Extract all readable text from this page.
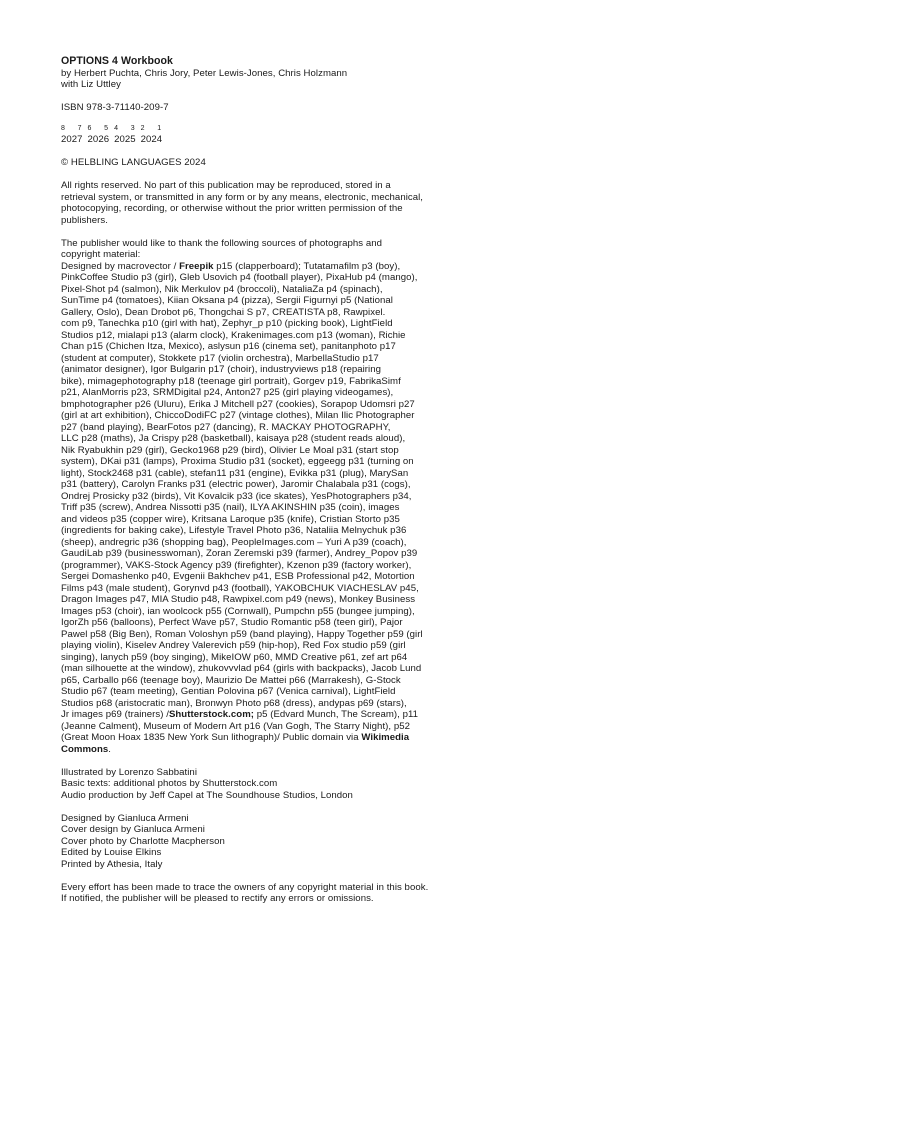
OPTIONS 4 Workbook
by Herbert Puchta, Chris Jory, Peter Lewis-Jones, Chris Holzmann
with Liz Uttley
ISBN 978-3-71140-209-7
8 7
2027
6 5
2026
4 3
2025
2 1
2024
© HELBLING LANGUAGES 2024
All rights reserved. No part of this publication may be reproduced, stored in a
retrieval system, or transmitted in any form or by any means, electronic, mechanical,
photocopying, recording, or otherwise without the prior written permission of the
publishers.
The publisher would like to thank the following sources of photographs and
copyright material:
Designed by macrovector / Freepik p15 (clapperboard); Tutatamafilm p3 (boy),
PinkCoffee Studio p3 (girl), Gleb Usovich p4 (football player), PixaHub p4 (mango),
Pixel-Shot p4 (salmon), Nik Merkulov p4 (broccoli), NataliaZa p4 (spinach),
SunTime p4 (tomatoes), Kiian Oksana p4 (pizza), Sergii Figurnyi p5 (National
Gallery, Oslo), Dean Drobot p6, Thongchai S p7, CREATISTA p8, Rawpixel.
com p9, Tanechka p10 (girl with hat), Zephyr_p p10 (picking book), LightField
Studios p12, mialapi p13 (alarm clock), Krakenimages.com p13 (woman), Richie
Chan p15 (Chichen Itza, Mexico), aslysun p16 (cinema set), panitanphoto p17
(student at computer), Stokkete p17 (violin orchestra), MarbellaStudio p17
(animator designer), Igor Bulgarin p17 (choir), industryviews p18 (repairing
bike), mimagephotography p18 (teenage girl portrait), Gorgev p19, FabrikaSimf
p21, AlanMorris p23, SRMDigital p24, Anton27 p25 (girl playing videogames),
bmphotographer p26 (Uluru), Erika J Mitchell p27 (cookies), Sorapop Udomsri p27
(girl at art exhibition), ChiccoDodiFC p27 (vintage clothes), Milan Ilic Photographer
p27 (band playing), BearFotos p27 (dancing), R. MACKAY PHOTOGRAPHY,
LLC p28 (maths), Ja Crispy p28 (basketball), kaisaya p28 (student reads aloud),
Nik Ryabukhin p29 (girl), Gecko1968 p29 (bird), Olivier Le Moal p31 (start stop
system), DKai p31 (lamps), Proxima Studio p31 (socket), eggeegg p31 (turning on
light), Stock2468 p31 (cable), stefan11 p31 (engine), Evikka p31 (plug), MarySan
p31 (battery), Carolyn Franks p31 (electric power), Jaromir Chalabala p31 (cogs),
Ondrej Prosicky p32 (birds), Vit Kovalcik p33 (ice skates), YesPhotographers p34,
Triff p35 (screw), Andrea Nissotti p35 (nail), ILYA AKINSHIN p35 (coin), images
and videos p35 (copper wire), Kritsana Laroque p35 (knife), Cristian Storto p35
(ingredients for baking cake), Lifestyle Travel Photo p36, Nataliia Melnychuk p36
(sheep), andregric p36 (shopping bag), PeopleImages.com – Yuri A p39 (coach),
GaudiLab p39 (businesswoman), Zoran Zeremski p39 (farmer), Andrey_Popov p39
(programmer), VAKS-Stock Agency p39 (firefighter), Kzenon p39 (factory worker),
Sergei Domashenko p40, Evgenii Bakhchev p41, ESB Professional p42, Motortion
Films p43 (male student), Gorynvd p43 (football), YAKOBCHUK VIACHESLAV p45,
Dragon Images p47, MIA Studio p48, Rawpixel.com p49 (news), Monkey Business
Images p53 (choir), ian woolcock p55 (Cornwall), Pumpchn p55 (bungee jumping),
IgorZh p56 (balloons), Perfect Wave p57, Studio Romantic p58 (teen girl), Pajor
Pawel p58 (Big Ben), Roman Voloshyn p59 (band playing), Happy Together p59 (girl
playing violin), Kiselev Andrey Valerevich p59 (hip-hop), Red Fox studio p59 (girl
singing), lanych p59 (boy singing), MikeIOW p60, MMD Creative p61, zef art p64
(man silhouette at the window), zhukovvvlad p64 (girls with backpacks), Jacob Lund
p65, Carballo p66 (teenage boy), Maurizio De Mattei p66 (Marrakesh), G-Stock
Studio p67 (team meeting), Gentian Polovina p67 (Venica carnival), LightField
Studios p68 (aristocratic man), Bronwyn Photo p68 (dress), andypas p69 (stars),
Jr images p69 (trainers) /Shutterstock.com; p5 (Edvard Munch, The Scream), p11
(Jeanne Calment), Museum of Modern Art p16 (Van Gogh, The Starry Night), p52
(Great Moon Hoax 1835 New York Sun lithograph)/ Public domain via Wikimedia
Commons.
Illustrated by Lorenzo Sabbatini
Basic texts: additional photos by Shutterstock.com
Audio production by Jeff Capel at The Soundhouse Studios, London
Designed by Gianluca Armeni
Cover design by Gianluca Armeni
Cover photo by Charlotte Macpherson
Edited by Louise Elkins
Printed by Athesia, Italy
Every effort has been made to trace the owners of any copyright material in this book.
If notified, the publisher will be pleased to rectify any errors or omissions.
